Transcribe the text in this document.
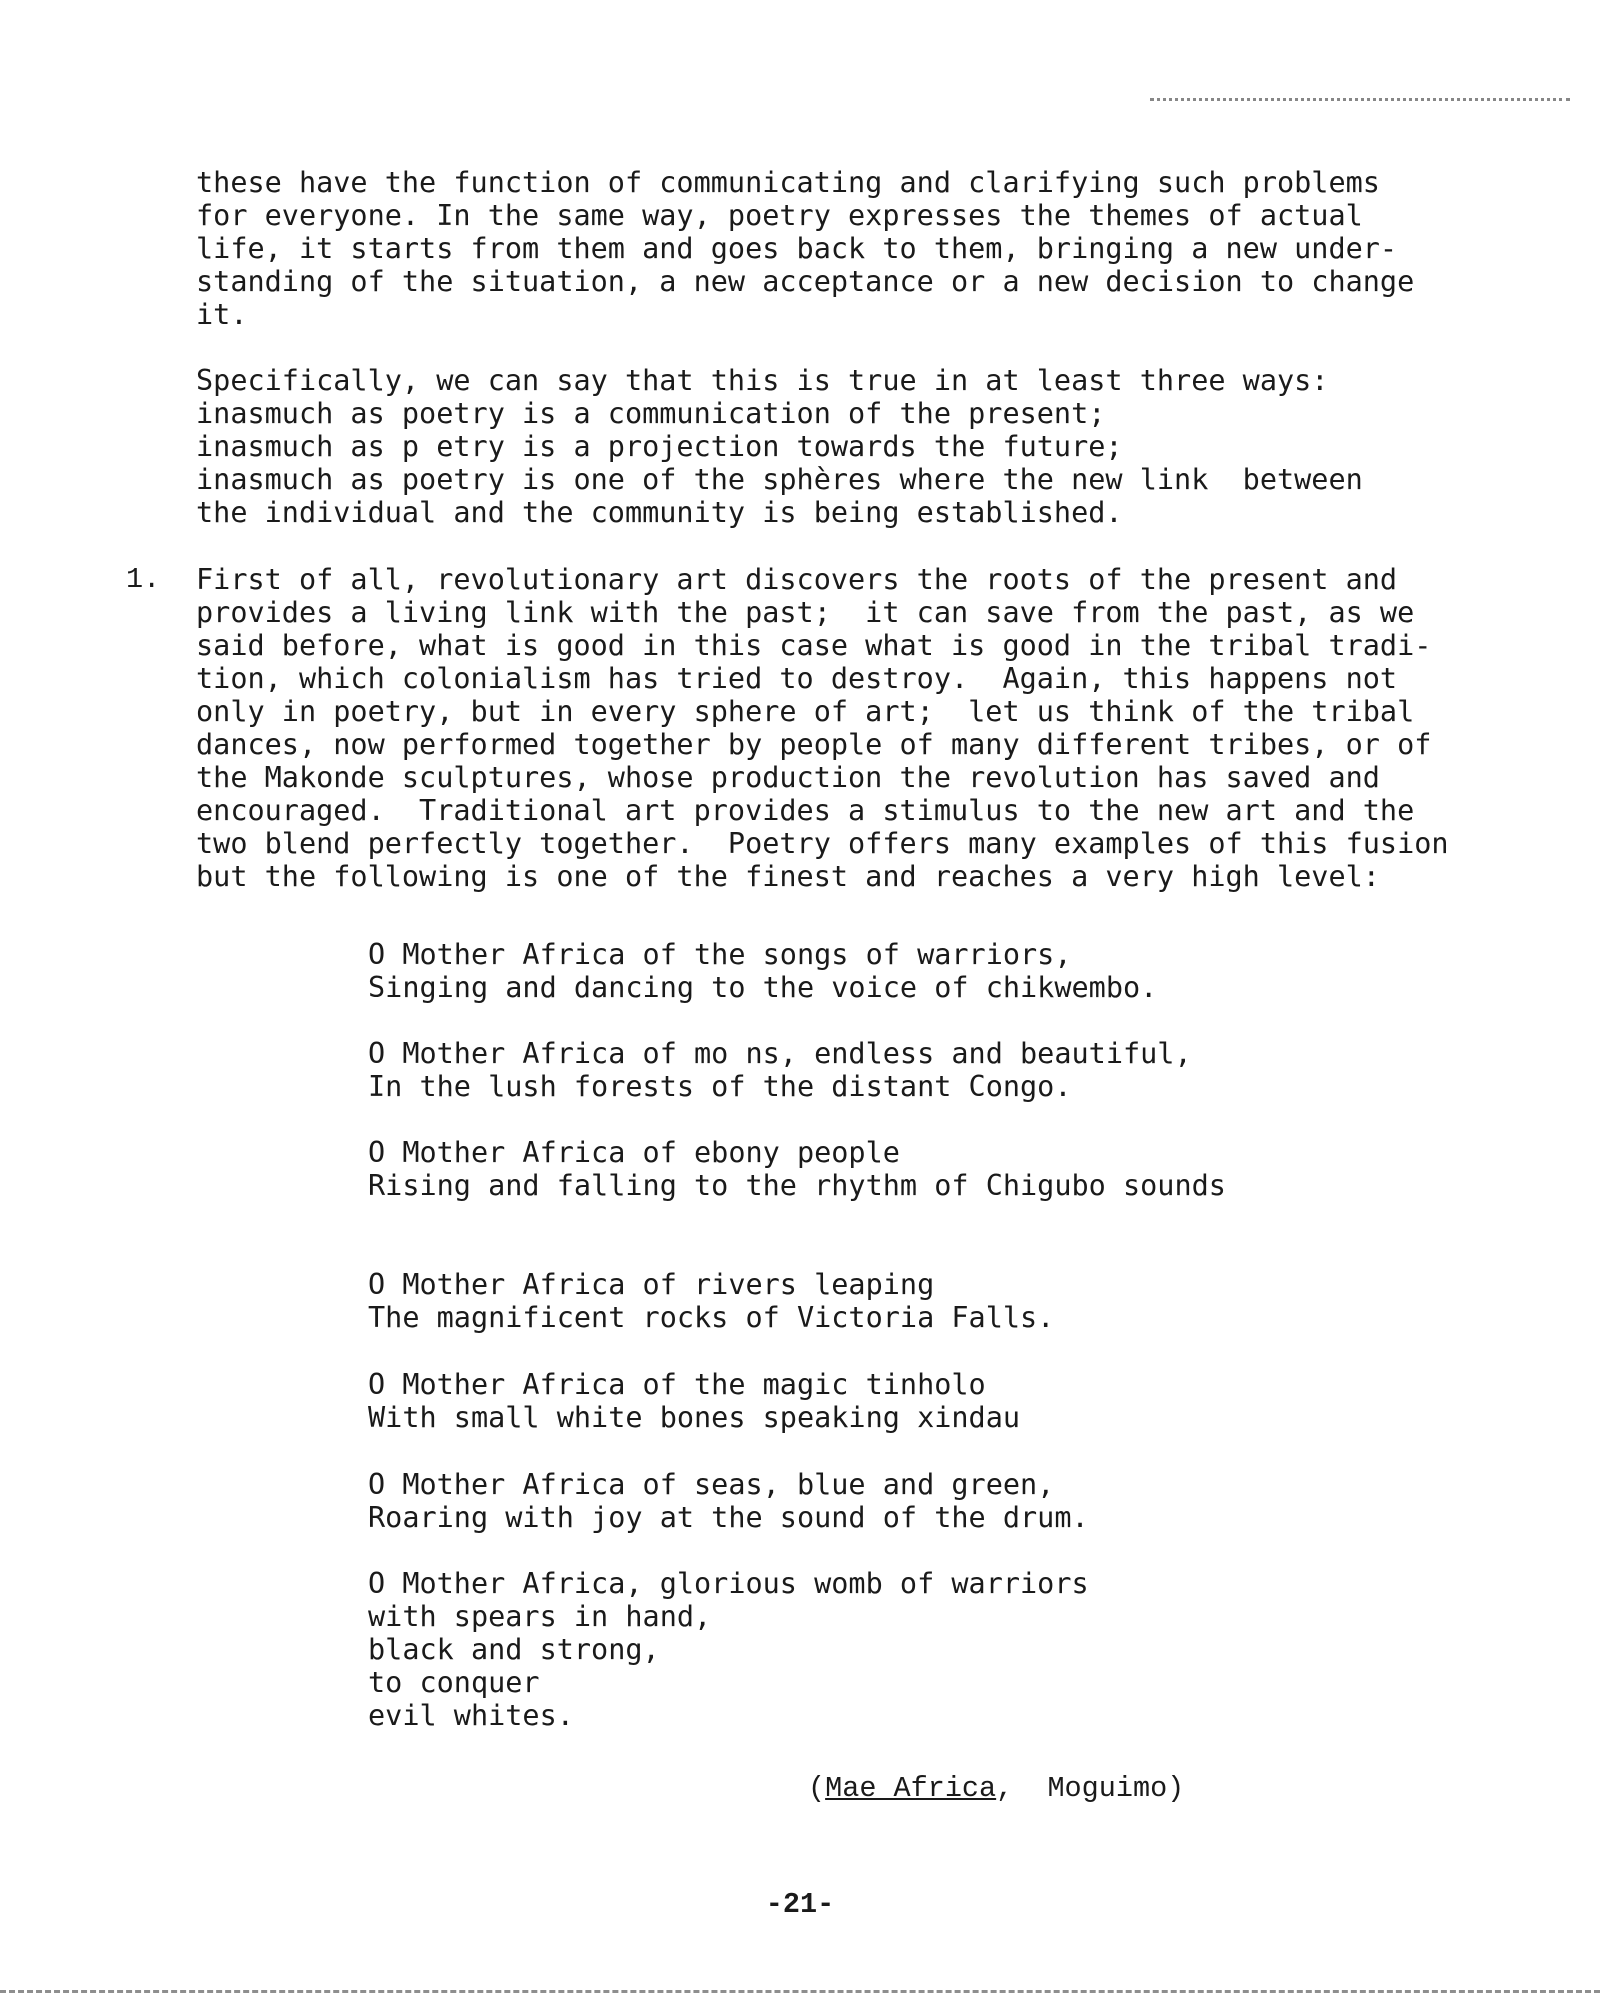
these have the function of communicating and clarifying such problems
for everyone. In the same way, poetry expresses the themes of actual
life, it starts from them and goes back to them, bringing a new under-
standing of the situation, a new acceptance or a new decision to change
it.
Specifically, we can say that this is true in at least three ways:
inasmuch as poetry is a communication of the present;
inasmuch as p etry is a projection towards the future;
inasmuch as poetry is one of the sphères where the new link  between
the individual and the community is being established.
1. First of all, revolutionary art discovers the roots of the present and
provides a living link with the past;  it can save from the past, as we
said before, what is good in this case what is good in the tribal tradi-
tion, which colonialism has tried to destroy.  Again, this happens not
only in poetry, but in every sphere of art;  let us think of the tribal
dances, now performed together by people of many different tribes, or of
the Makonde sculptures, whose production the revolution has saved and
encouraged.  Traditional art provides a stimulus to the new art and the
two blend perfectly together.  Poetry offers many examples of this fusion
but the following is one of the finest and reaches a very high level:
O Mother Africa of the songs of warriors,
Singing and dancing to the voice of chikwembo.
O Mother Africa of mo ns, endless and beautiful,
In the lush forests of the distant Congo.
O Mother Africa of ebony people
Rising and falling to the rhythm of Chigubo sounds
O Mother Africa of rivers leaping
The magnificent rocks of Victoria Falls.
O Mother Africa of the magic tinholo
With small white bones speaking xindau
O Mother Africa of seas, blue and green,
Roaring with joy at the sound of the drum.
O Mother Africa, glorious womb of warriors
with spears in hand,
black and strong,
to conquer
evil whites.
(Mae Africa,  Moguimo)
-21-
